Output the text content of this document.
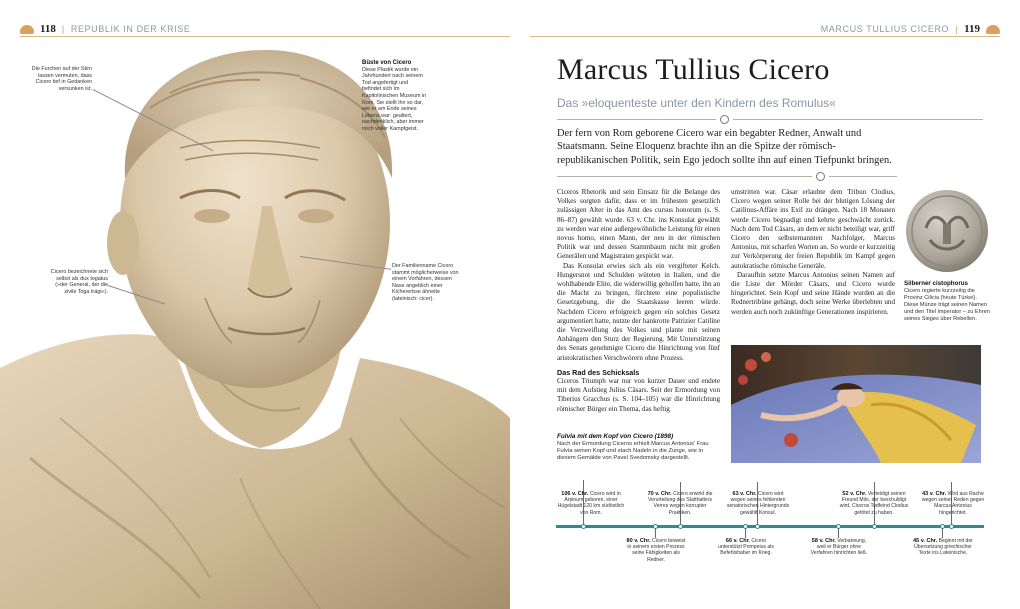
118 | REPUBLIK IN DER KRISE	MARCUS TULLIUS CICERO | 119
Die Furchen auf der Stirn lassen vermuten, dass Cicero tief in Gedanken versunken ist.
Büste von Cicero
Diese Plastik wurde ein Jahrhundert nach seinem Tod angefertigt und befindet sich im Kapitolinischen Museum in Rom. Sie stellt ihn so dar, wie er am Ende seines Lebens war: gealtert, nachdenklich, aber immer noch voller Kampfgeist.
Cicero bezeichnete sich selbst als dux togatus (»der General, der die zivile Toga trägt«).
Der Familienname Cicero stammt möglicherweise von einem Vorfahren, dessen Nase angeblich einer Kichererbse ähnelte (lateinisch: cicer).
Marcus Tullius Cicero
Das »eloquenteste unter den Kindern des Romulus«
Der fern von Rom geborene Cicero war ein begabter Redner, Anwalt und Staatsmann. Seine Eloquenz brachte ihn an die Spitze der römisch-republikanischen Politik, sein Ego jedoch sollte ihn auf einen Tiefpunkt bringen.

Ciceros Rhetorik und sein Einsatz für die Belange des Volkes sorgten dafür, dass er im frühesten gesetzlich zulässigen Alter in das Amt des cursus honorum (s. S. 86–87) gewählt wurde. 63 v. Chr. ins Konsulat gewählt zu werden war eine außergewöhnliche Leistung für einen novus homo, einen Mann, der neu in der römischen Politik war und dessen Stammbaum nicht mit großen Generälen und Magistraten gespickt war.

Das Konsulat erwies sich als ein vergifteter Kelch. Hungersnot und Schulden wüteten in Italien, und die wohlhabende Elite, die widerwillig geholfen hatte, ihn an die Macht zu bringen, fürchtete eine populistische Gesetzgebung, die die Staatskasse leeren würde. Nachdem Cicero erfolgreich gegen ein solches Gesetz argumentiert hatte, nutzte der bankrotte Patrizier Catiline die Verzweiflung des Volkes und plante mit seinen Anhängern den Sturz der Regierung. Mit Unterstützung des Senats genehmigte Cicero die Hinrichtung von fünf aristokratischen Verschwörern ohne Prozess.

Das Rad des Schicksals

Ciceros Triumph war nur von kurzer Dauer und endete mit dem Aufstieg Julius Cäsars. Seit der Ermordung von Tiberius Gracchus (s. S. 104–105) war die Hinrichtung römischer Bürger ein Thema, das heftig

umstritten war. Cäsar erlaubte dem Tribun Clodius, Cicero wegen seiner Rolle bei der blutigen Lösung der Catilinus-Affäre ins Exil zu drängen. Nach 18 Monaten wurde Cicero begnadigt und kehrte geschwächt zurück. Nach dem Tod Cäsars, an dem er nicht beteiligt war, griff Cicero den selbsternannten Nachfolger, Marcus Antonius, mit scharfen Worten an. So wurde er kurzzeitig zur Verkörperung der freien Republik im Kampf gegen autokratische römische Generäle.

Daraufhin setzte Marcus Antonius seinen Namen auf die Liste der Mörder Cäsars, und Cicero wurde hingerichtet. Sein Kopf und seine Hände wurden an die Rednertribüne gehängt, doch seine Werke überlebten und werden auch noch zukünftige Generationen inspirieren.

Silberner cistophorus
Cicero regierte kurzzeitig die Provinz Cilicia (heute Türkei). Diese Münze trägt seinen Namen und den Titel imperator – zu Ehren seines Sieges über Rebellen.
Fulvia mit dem Kopf von Cicero (1898)
Nach der Ermordung Ciceros erhielt Marcus Antonius' Frau Fulvia seinen Kopf und stach Nadeln in die Zunge, wie in diesem Gemälde von Pavel Svedomsky dargestellt.
106 v. Chr. Cicero wird in Arpinum geboren, einer Hügelstadt 120 km südöstlich von Rom.
70 v. Chr. Cicero erwirkt die Verurteilung des Statthalters Verres wegen korrupter Praktiken.
63 v. Chr. Cicero wird wegen seines fehlenden senatorischen Hintergrunds gewählt Konsul.
52 v. Chr. Verteidigt seinen Freund Milo, der beschuldigt wird, Ciceros Todfeind Clodius getötet zu haben.
43 v. Chr. Wird aus Rache wegen seiner Reden gegen Marcus Antonius hingerichtet.
80 v. Chr. Cicero beweist in seinem ersten Prozess seine Fähigkeiten als Redner.
66 v. Chr. Cicero unterstützt Pompeius als Befehlshaber im Krieg.
58 v. Chr. Verbannung, weil er Bürger ohne Verfahren hinrichten ließ.
45 v. Chr. Beginnt mit der Übersetzung griechischer Texte ins Lateinische.
